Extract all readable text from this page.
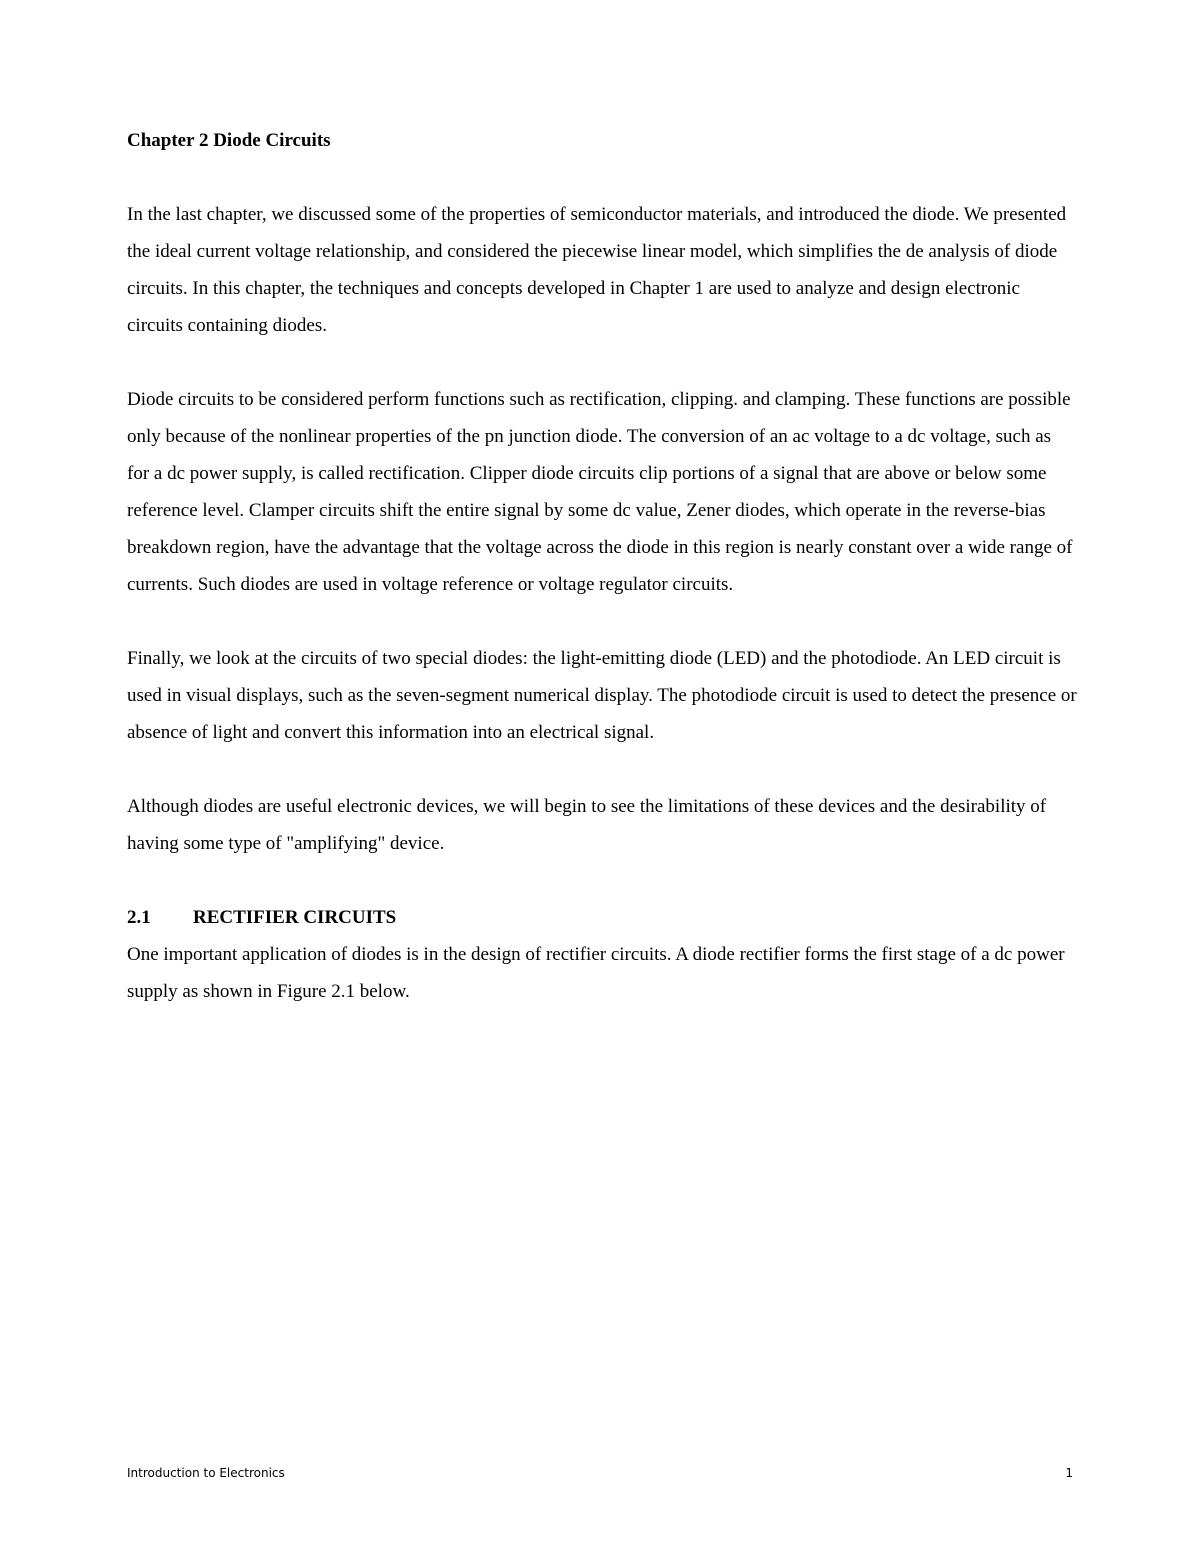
Chapter 2 Diode Circuits

In the last chapter, we discussed some of the properties of semiconductor materials, and introduced the diode. We presented the ideal current voltage relationship, and considered the piecewise linear model, which simplifies the de analysis of diode circuits. In this chapter, the techniques and concepts developed in Chapter 1 are used to analyze and design electronic circuits containing diodes.

Diode circuits to be considered perform functions such as rectification, clipping. and clamping. These functions are possible only because of the nonlinear properties of the pn junction diode. The conversion of an ac voltage to a dc voltage, such as for a dc power supply, is called rectification. Clipper diode circuits clip portions of a signal that are above or below some reference level. Clamper circuits shift the entire signal by some dc value, Zener diodes, which operate in the reverse-bias breakdown region, have the advantage that the voltage across the diode in this region is nearly constant over a wide range of currents. Such diodes are used in voltage reference or voltage regulator circuits.

Finally, we look at the circuits of two special diodes: the light-emitting diode (LED) and the photodiode. An LED circuit is used in visual displays, such as the seven-segment numerical display. The photodiode circuit is used to detect the presence or absence of light and convert this information into an electrical signal.

Although diodes are useful electronic devices, we will begin to see the limitations of these devices and the desirability of having some type of "amplifying" device.

2.1	RECTIFIER CIRCUITS

One important application of diodes is in the design of rectifier circuits. A diode rectifier forms the first stage of a dc power supply as shown in Figure 2.1 below.

Introduction to Electronics	1
